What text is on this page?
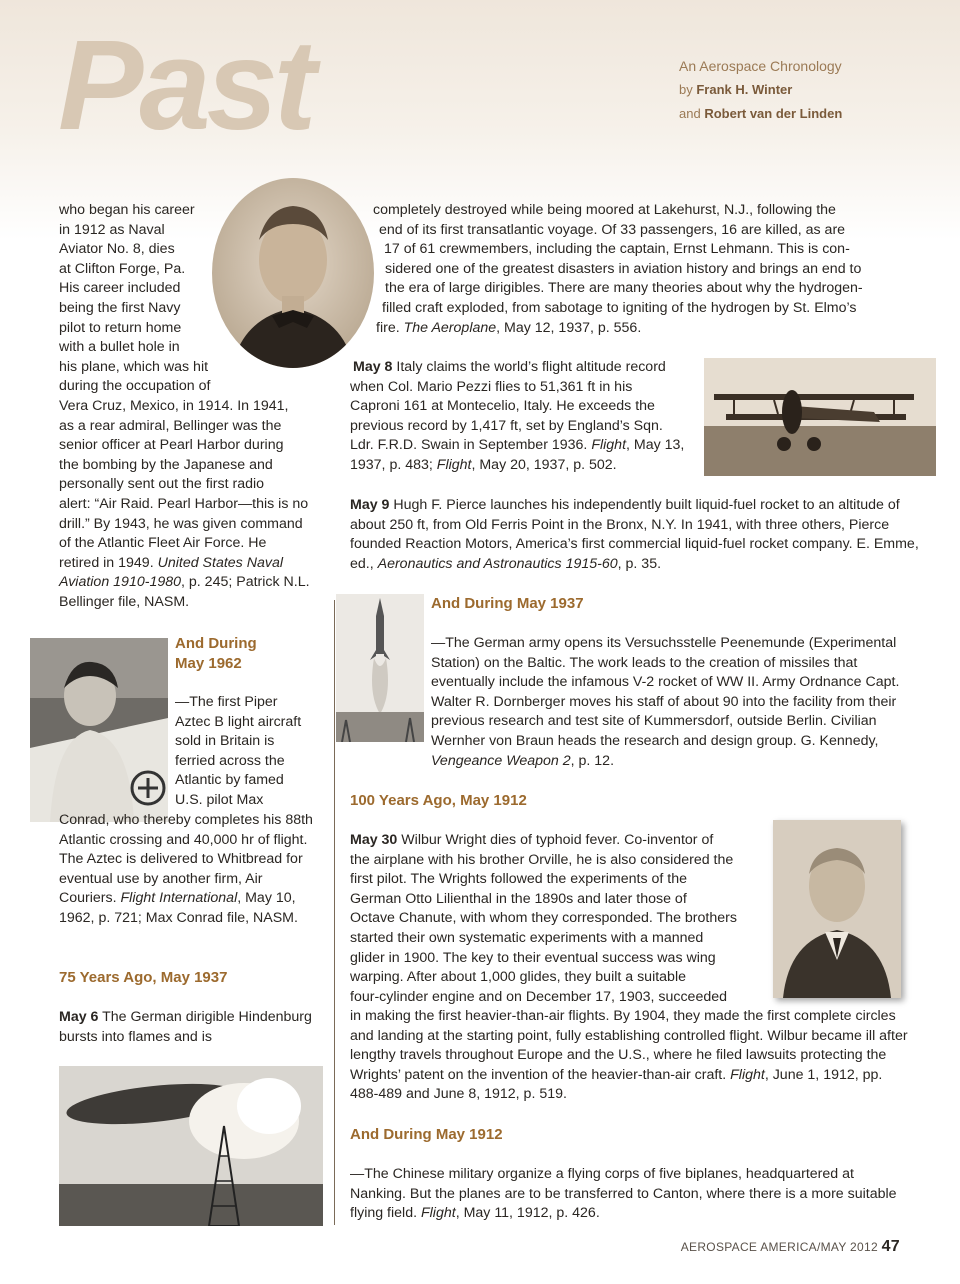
Past	An Aerospace Chronology
by Frank H. Winter
and Robert van der Linden

who began his career

in 1912 as Naval

Aviator No. 8, dies

at Clifton Forge, Pa.

His career included

being the first Navy

pilot to return home

with a bullet hole in

his plane, which was hit

during the occupation of

Vera Cruz, Mexico, in 1914. In 1941,

as a rear admiral, Bellinger was the

senior officer at Pearl Harbor during

the bombing by the Japanese and

personally sent out the first radio

alert: “Air Raid. Pearl Harbor—this is no

drill.” By 1943, he was given command

of the Atlantic Fleet Air Force. He

retired in 1949. United States Naval Aviation 1910-1980, p. 245; Patrick N.L. Bellinger file, NASM.

And During

May 1962

—The first Piper

Aztec B light aircraft

sold in Britain is

ferried across the

Atlantic by famed

U.S. pilot Max

Conrad, who thereby completes his 88th Atlantic crossing and 40,000 hr of flight. The Aztec is delivered to Whitbread for eventual use by another firm, Air Couriers. Flight International, May 10, 1962, p. 721; Max Conrad file, NASM.

75 Years Ago, May 1937

May 6 The German dirigible Hindenburg bursts into flames and is

completely destroyed while being moored at Lakehurst, N.J., following the

end of its first transatlantic voyage. Of 33 passengers, 16 are killed, as are

17 of 61 crewmembers, including the captain, Ernst Lehmann. This is con-

sidered one of the greatest disasters in aviation history and brings an end to

the era of large dirigibles. There are many theories about why the hydrogen-

filled craft exploded, from sabotage to igniting of the hydrogen by St. Elmo’s

fire. The Aeroplane, May 12, 1937, p. 556.

May 8 Italy claims the world’s flight altitude record

when Col. Mario Pezzi flies to 51,361 ft in his

Caproni 161 at Montecelio, Italy. He exceeds the

previous record by 1,417 ft, set by England’s Sqn.

Ldr. F.R.D. Swain in September 1936. Flight, May 13, 1937, p. 483; Flight, May 20, 1937, p. 502.

May 9 Hugh F. Pierce launches his independently built liquid-fuel rocket to an altitude of about 250 ft, from Old Ferris Point in the Bronx, N.Y. In 1941, with three others, Pierce founded Reaction Motors, America’s first commercial liquid-fuel rocket company. E. Emme, ed., Aeronautics and Astronautics 1915-60, p. 35.

And During May 1937

—The German army opens its Versuchsstelle Peenemunde (Experimental Station) on the Baltic. The work leads to the creation of missiles that eventually include the infamous V-2 rocket of WW II. Army Ordnance Capt. Walter R. Dornberger moves his staff of about 90 into the facility from their previous research and test site of Kummersdorf, outside Berlin. Civilian Wernher von Braun heads the research and design group. G. Kennedy, Vengeance Weapon 2, p. 12.

100 Years Ago, May 1912

May 30 Wilbur Wright dies of typhoid fever. Co-inventor of

the airplane with his brother Orville, he is also considered the

first pilot. The Wrights followed the experiments of the

German Otto Lilienthal in the 1890s and later those of

Octave Chanute, with whom they corresponded. The brothers

started their own systematic experiments with a manned

glider in 1900. The key to their eventual success was wing

warping. After about 1,000 glides, they built a suitable

four-cylinder engine and on December 17, 1903, succeeded

in making the first heavier-than-air flights. By 1904, they made the first complete circles and landing at the starting point, fully establishing controlled flight. Wilbur became ill after lengthy travels throughout Europe and the U.S., where he filed lawsuits protecting the Wrights’ patent on the invention of the heavier-than-air craft. Flight, June 1, 1912, pp. 488-489 and June 8, 1912, p. 519.

And During May 1912

—The Chinese military organize a flying corps of five biplanes, headquartered at Nanking. But the planes are to be transferred to Canton, where there is a more suitable flying field. Flight, May 11, 1912, p. 426.

AEROSPACE AMERICA/MAY 2012 47
